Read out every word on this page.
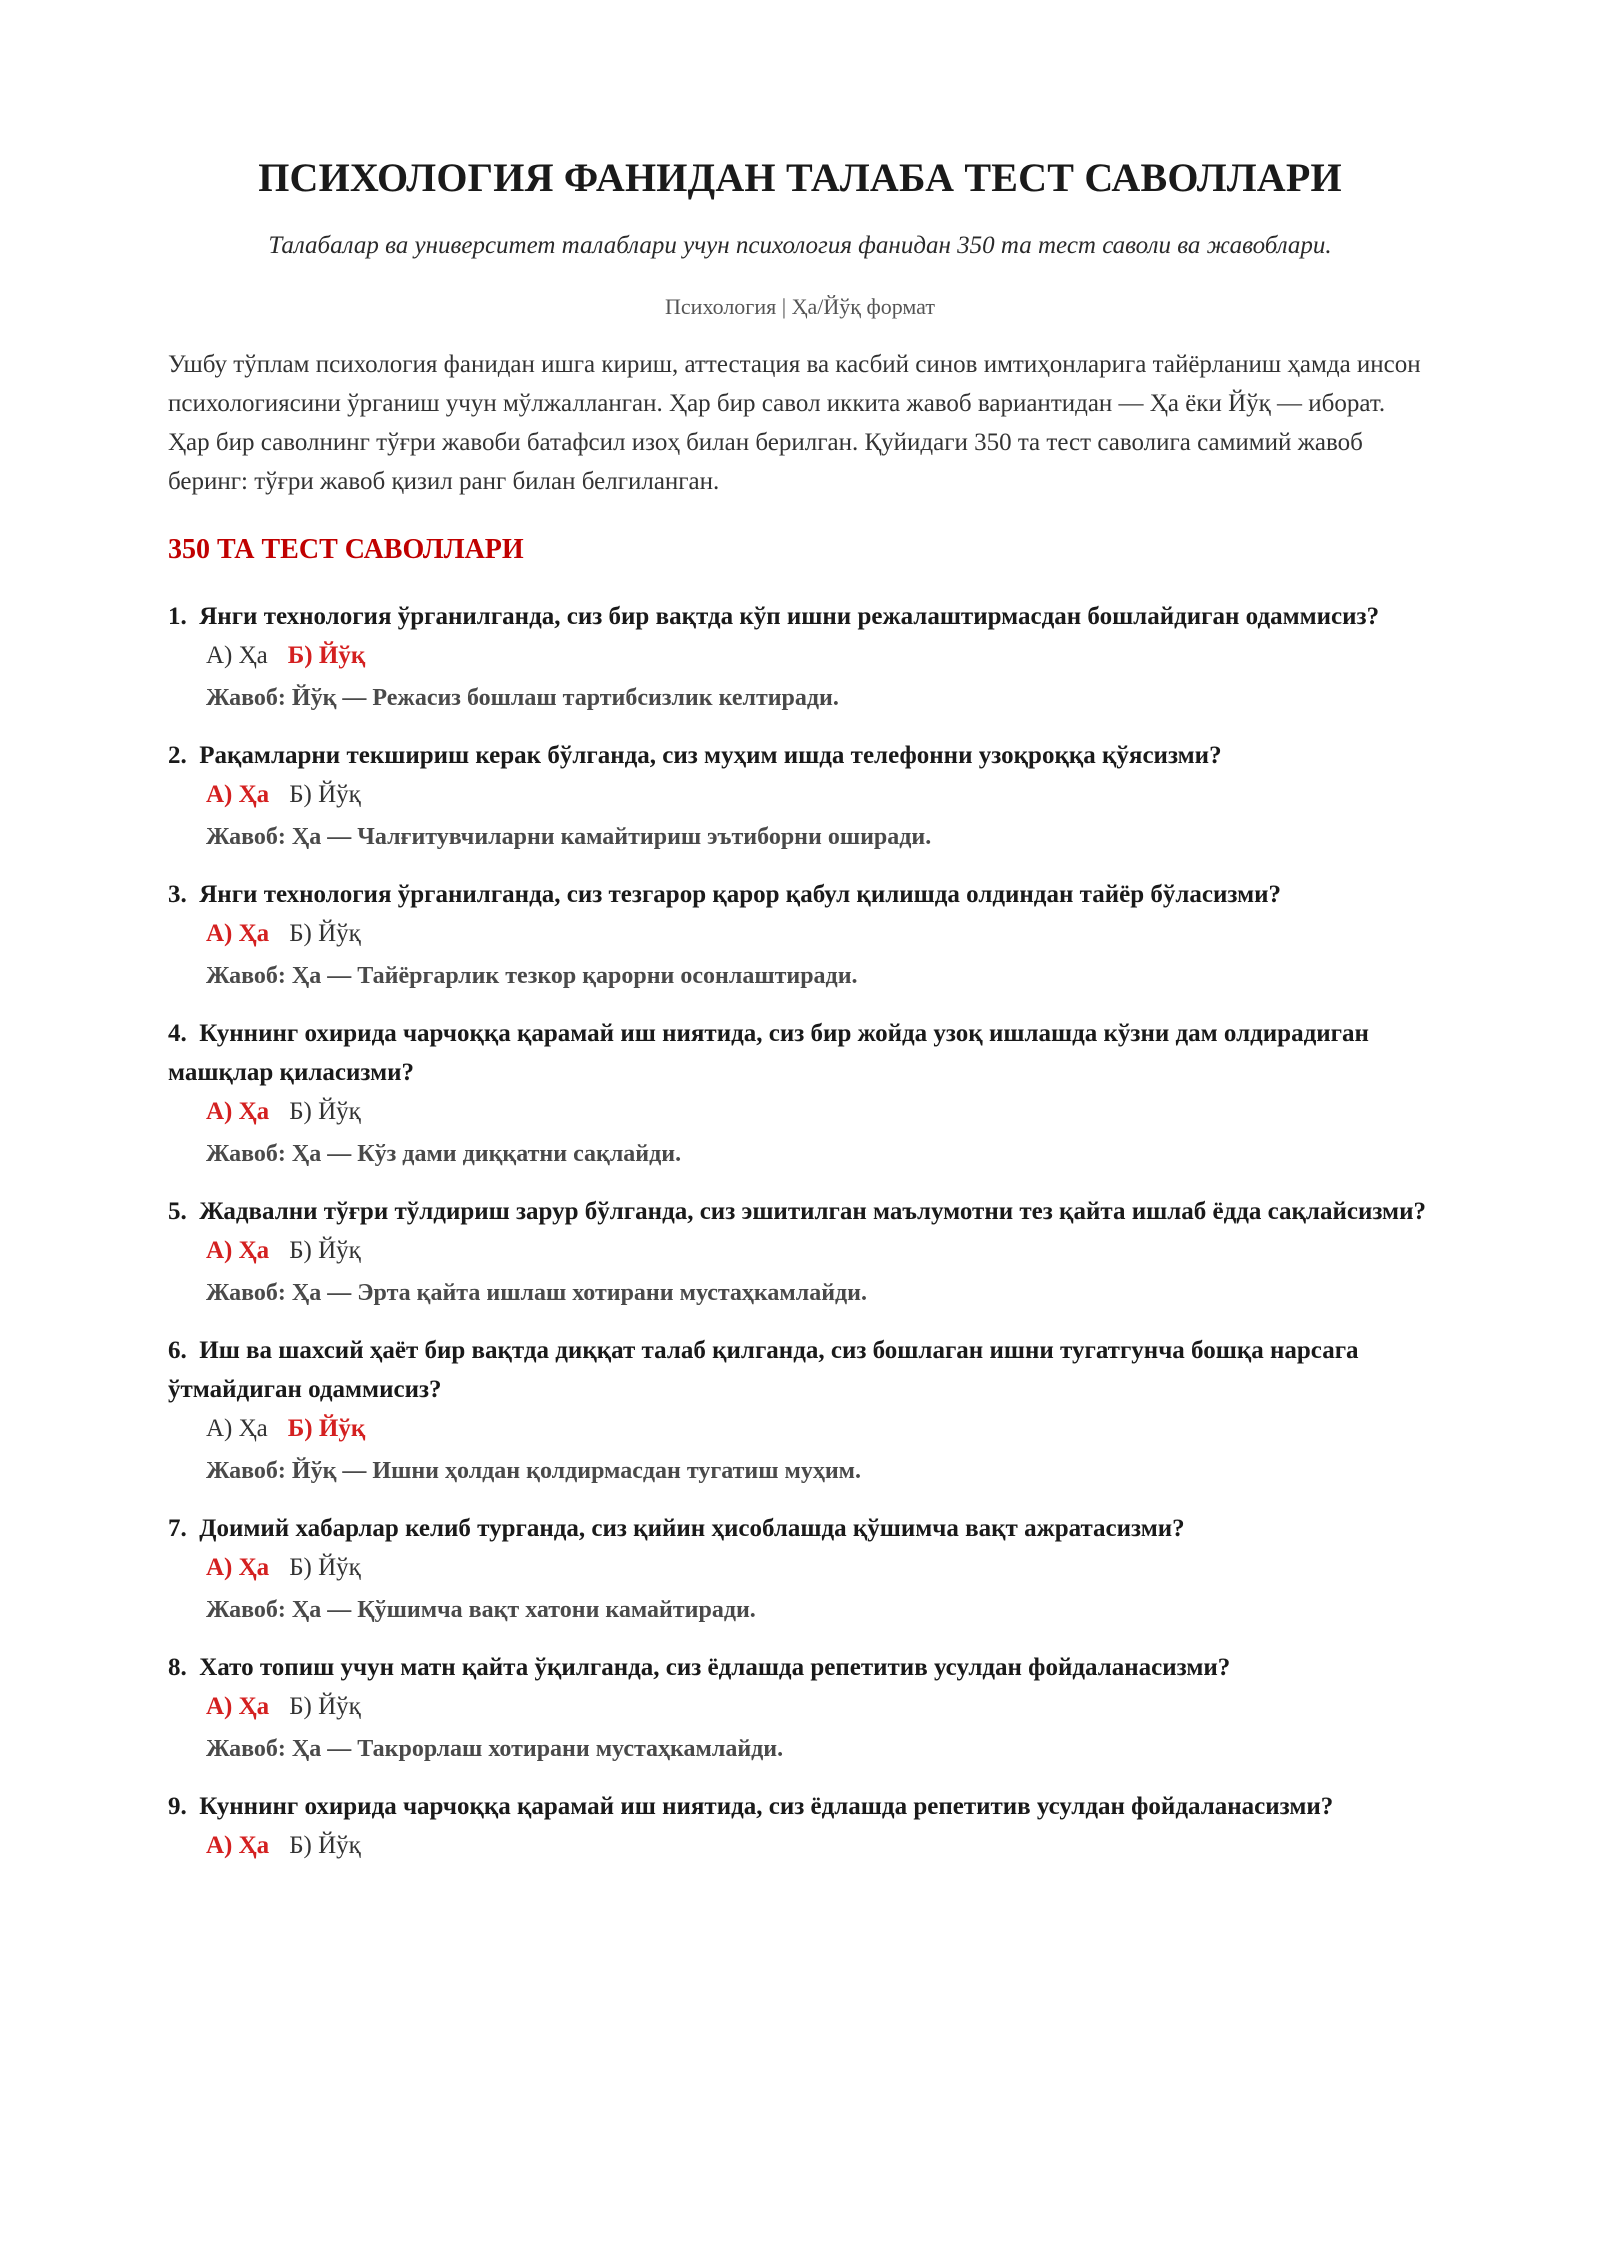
ПСИХОЛОГИЯ ФАНИДАН ТАЛАБА ТЕСТ САВОЛЛАРИ

Талабалар ва университет талаблари учун психология фанидан 350 та тест саволи ва жавоблари.

Психология | Ҳа/Йўқ формат

Ушбу тўплам психология фанидан ишга кириш, аттестация ва касбий синов имтиҳонларига тайёрланиш ҳамда инсон психологиясини ўрганиш учун мўлжалланган. Ҳар бир савол иккита жавоб вариантидан — Ҳа ёки Йўқ — иборат. Ҳар бир саволнинг тўғри жавоби батафсил изоҳ билан берилган. Қуйидаги 350 та тест саволига самимий жавоб беринг: тўғри жавоб қизил ранг билан белгиланган.

350 ТА ТЕСТ САВОЛЛАРИ

1. Янги технология ўрганилганда, сиз бир вақтда кўп ишни режалаштирмасдан бошлайдиган одаммисиз?

А) Ҳа Б) Йўқ

Жавоб: Йўқ — Режасиз бошлаш тартибсизлик келтиради.

2. Рақамларни текшириш керак бўлганда, сиз муҳим ишда телефонни узоқроққа қўясизми?

А) Ҳа Б) Йўқ

Жавоб: Ҳа — Чалғитувчиларни камайтириш эътиборни оширади.

3. Янги технология ўрганилганда, сиз тезгарор қарор қабул қилишда олдиндан тайёр бўласизми?

А) Ҳа Б) Йўқ

Жавоб: Ҳа — Тайёргарлик тезкор қарорни осонлаштиради.

4. Куннинг охирида чарчоққа қарамай иш ниятида, сиз бир жойда узоқ ишлашда кўзни дам олдирадиган машқлар қиласизми?

А) Ҳа Б) Йўқ

Жавоб: Ҳа — Кўз дами диққатни сақлайди.

5. Жадвални тўғри тўлдириш зарур бўлганда, сиз эшитилган маълумотни тез қайта ишлаб ёдда сақлайсизми?

А) Ҳа Б) Йўқ

Жавоб: Ҳа — Эрта қайта ишлаш хотирани мустаҳкамлайди.

6. Иш ва шахсий ҳаёт бир вақтда диққат талаб қилганда, сиз бошлаган ишни тугатгунча бошқа нарсага ўтмайдиган одаммисиз?

А) Ҳа Б) Йўқ

Жавоб: Йўқ — Ишни ҳолдан қолдирмасдан тугатиш муҳим.

7. Доимий хабарлар келиб турганда, сиз қийин ҳисоблашда қўшимча вақт ажратасизми?

А) Ҳа Б) Йўқ

Жавоб: Ҳа — Қўшимча вақт хатони камайтиради.

8. Хато топиш учун матн қайта ўқилганда, сиз ёдлашда репетитив усулдан фойдаланасизми?

А) Ҳа Б) Йўқ

Жавоб: Ҳа — Такрорлаш хотирани мустаҳкамлайди.

9. Куннинг охирида чарчоққа қарамай иш ниятида, сиз ёдлашда репетитив усулдан фойдаланасизми?

А) Ҳа Б) Йўқ
